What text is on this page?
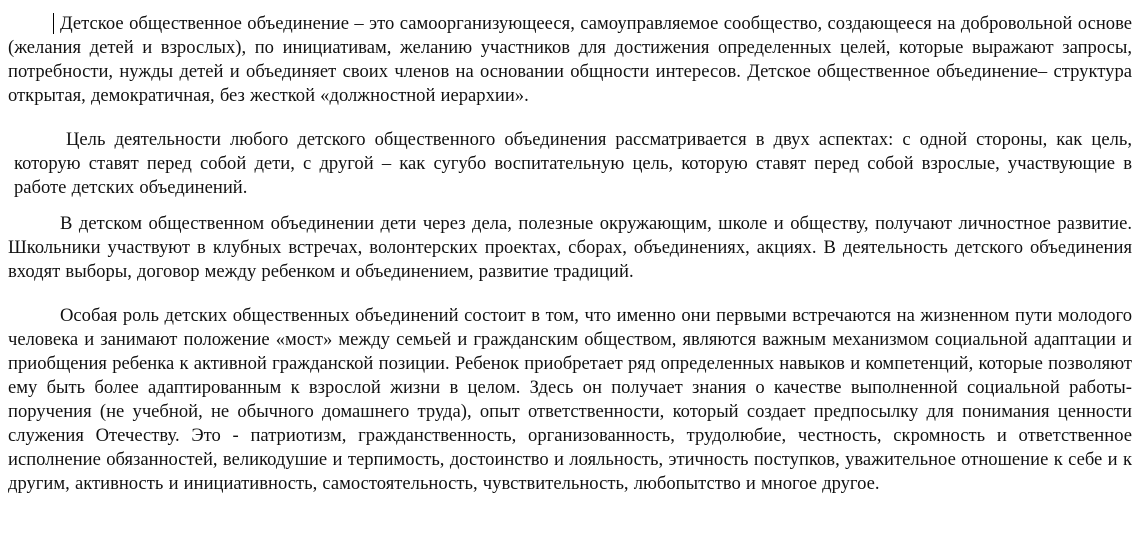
Детское общественное объединение – это самоорганизующееся, самоуправляемое сообщество, создающееся на добровольной основе (желания детей и взрослых), по инициативам, желанию участников для достижения определенных целей, которые выражают запросы, потребности, нужды детей и объединяет своих членов на основании общности интересов. Детское общественное объединение– структура открытая, демократичная, без жесткой «должностной иерархии».

Цель деятельности любого детского общественного объединения рассматривается в двух аспектах: с одной стороны, как цель, которую ставят перед собой дети, с другой – как сугубо воспитательную цель, которую ставят перед собой взрослые, участвующие в работе детских объединений.

В детском общественном объединении дети через дела, полезные окружающим, школе и обществу, получают личностное развитие. Школьники участвуют в клубных встречах, волонтерских проектах, сборах, объединениях, акциях. В деятельность детского объединения входят выборы, договор между ребенком и объединением, развитие традиций.

Особая роль детских общественных объединений состоит в том, что именно они первыми встречаются на жизненном пути молодого человека и занимают положение «мост» между семьей и гражданским обществом, являются важным механизмом социальной адаптации и приобщения ребенка к активной гражданской позиции. Ребенок приобретает ряд определенных навыков и компетенций, которые позволяют ему быть более адаптированным к взрослой жизни в целом. Здесь он получает знания о качестве выполненной социальной работы-поручения (не учебной, не обычного домашнего труда), опыт ответственности, который создает предпосылку для понимания ценности служения Отечеству. Это - патриотизм, гражданственность, организованность, трудолюбие, честность, скромность и ответственное исполнение обязанностей, великодушие и терпимость, достоинство и лояльность, этичность поступков, уважительное отношение к себе и к другим, активность и инициативность, самостоятельность, чувствительность, любопытство и многое другое.
